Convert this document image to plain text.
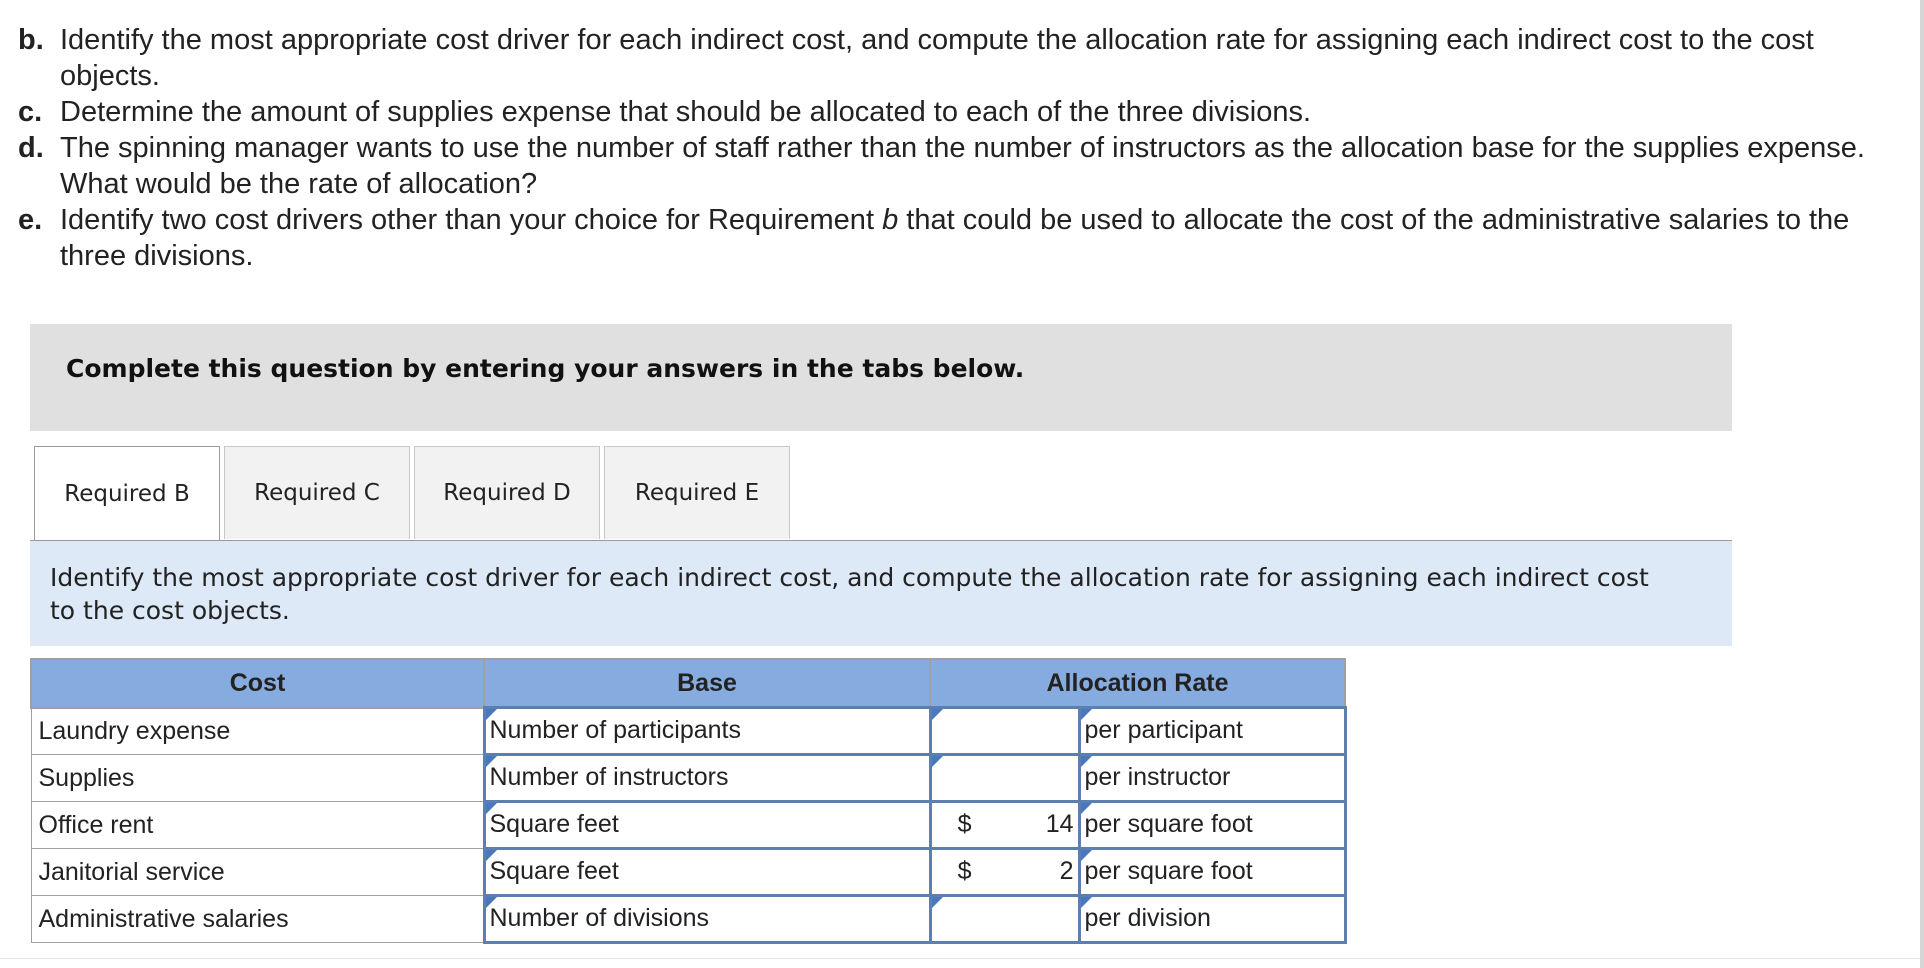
b. Identify the most appropriate cost driver for each indirect cost, and compute the allocation rate for assigning each indirect cost to the cost objects.
c. Determine the amount of supplies expense that should be allocated to each of the three divisions.
d. The spinning manager wants to use the number of staff rather than the number of instructors as the allocation base for the supplies expense. What would be the rate of allocation?
e. Identify two cost drivers other than your choice for Requirement b that could be used to allocate the cost of the administrative salaries to the three divisions.
Complete this question by entering your answers in the tabs below.
Required B	Required C	Required D	Required E
Identify the most appropriate cost driver for each indirect cost, and compute the allocation rate for assigning each indirect cost to the cost objects.
Cost	Base	Allocation Rate	
Laundry expense	Number of participants		per participant

Supplies	Number of instructors		per instructor

Office rent	Square feet	$ 14	per square foot

Janitorial service	Square feet	$ 2	per square foot

Administrative salaries	Number of divisions		per division
